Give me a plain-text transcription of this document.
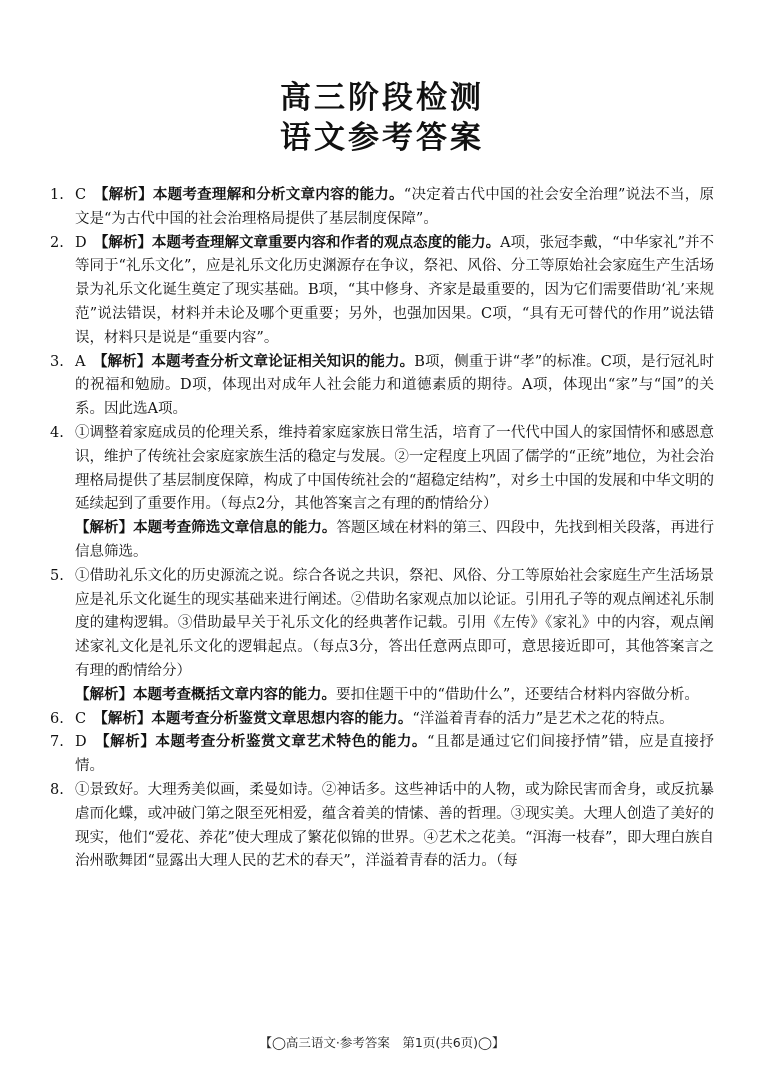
高三阶段检测
语文参考答案

1. C　 【解析】本题考查理解和分析文章内容的能力。“决定着古代中国的社会安全治理”说法不当，原文是“为古代中国的社会治理格局提供了基层制度保障”。

2. D　 【解析】本题考查理解文章重要内容和作者的观点态度的能力。A项，张冠李戴，“中华家礼”并不等同于“礼乐文化”，应是礼乐文化历史渊源存在争议，祭祀、风俗、分工等原始社会家庭生产生活场景为礼乐文化诞生奠定了现实基础。B项，“其中修身、齐家是最重要的，因为它们需要借助‘礼’来规范”说法错误，材料并未论及哪个更重要；另外，也强加因果。C项，“具有无可替代的作用”说法错误，材料只是说是“重要内容”。

3. A　 【解析】本题考查分析文章论证相关知识的能力。B项，侧重于讲“孝”的标准。C项，是行冠礼时的祝福和勉励。D项，体现出对成年人社会能力和道德素质的期待。A项，体现出“家”与“国”的关系。因此选A项。

4. ①调整着家庭成员的伦理关系，维持着家庭家族日常生活，培育了一代代中国人的家国情怀和感恩意识，维护了传统社会家庭家族生活的稳定与发展。②一定程度上巩固了儒学的“正统”地位，为社会治理格局提供了基层制度保障，构成了中国传统社会的“超稳定结构”，对乡土中国的发展和中华文明的延续起到了重要作用。（每点2分，其他答案言之有理的酌情给分）

【解析】本题考查筛选文章信息的能力。答题区域在材料的第三、四段中，先找到相关段落，再进行信息筛选。

5. ①借助礼乐文化的历史源流之说。综合各说之共识，祭祀、风俗、分工等原始社会家庭生产生活场景应是礼乐文化诞生的现实基础来进行阐述。②借助名家观点加以论证。引用孔子等的观点阐述礼乐制度的建构逻辑。③借助最早关于礼乐文化的经典著作记载。引用《左传》《家礼》中的内容，观点阐述家礼文化是礼乐文化的逻辑起点。（每点3分，答出任意两点即可，意思接近即可，其他答案言之有理的酌情给分）

【解析】本题考查概括文章内容的能力。要扣住题干中的“借助什么”，还要结合材料内容做分析。

6. C　 【解析】本题考查分析鉴赏文章思想内容的能力。“洋溢着青春的活力”是艺术之花的特点。

7. D　 【解析】本题考查分析鉴赏文章艺术特色的能力。“且都是通过它们间接抒情”错，应是直接抒情。

8. ①景致好。大理秀美似画，柔曼如诗。②神话多。这些神话中的人物，或为除民害而舍身，或反抗暴虐而化蝶，或冲破门第之限至死相爱，蕴含着美的情愫、善的哲理。③现实美。大理人创造了美好的现实，他们“爱花、养花”使大理成了繁花似锦的世界。④艺术之花美。“洱海一枝春”，即大理白族自治州歌舞团“显露出大理人民的艺术的春天”，洋溢着青春的活力。（每

【◯高三语文·参考答案　第1页(共6页)◯】
